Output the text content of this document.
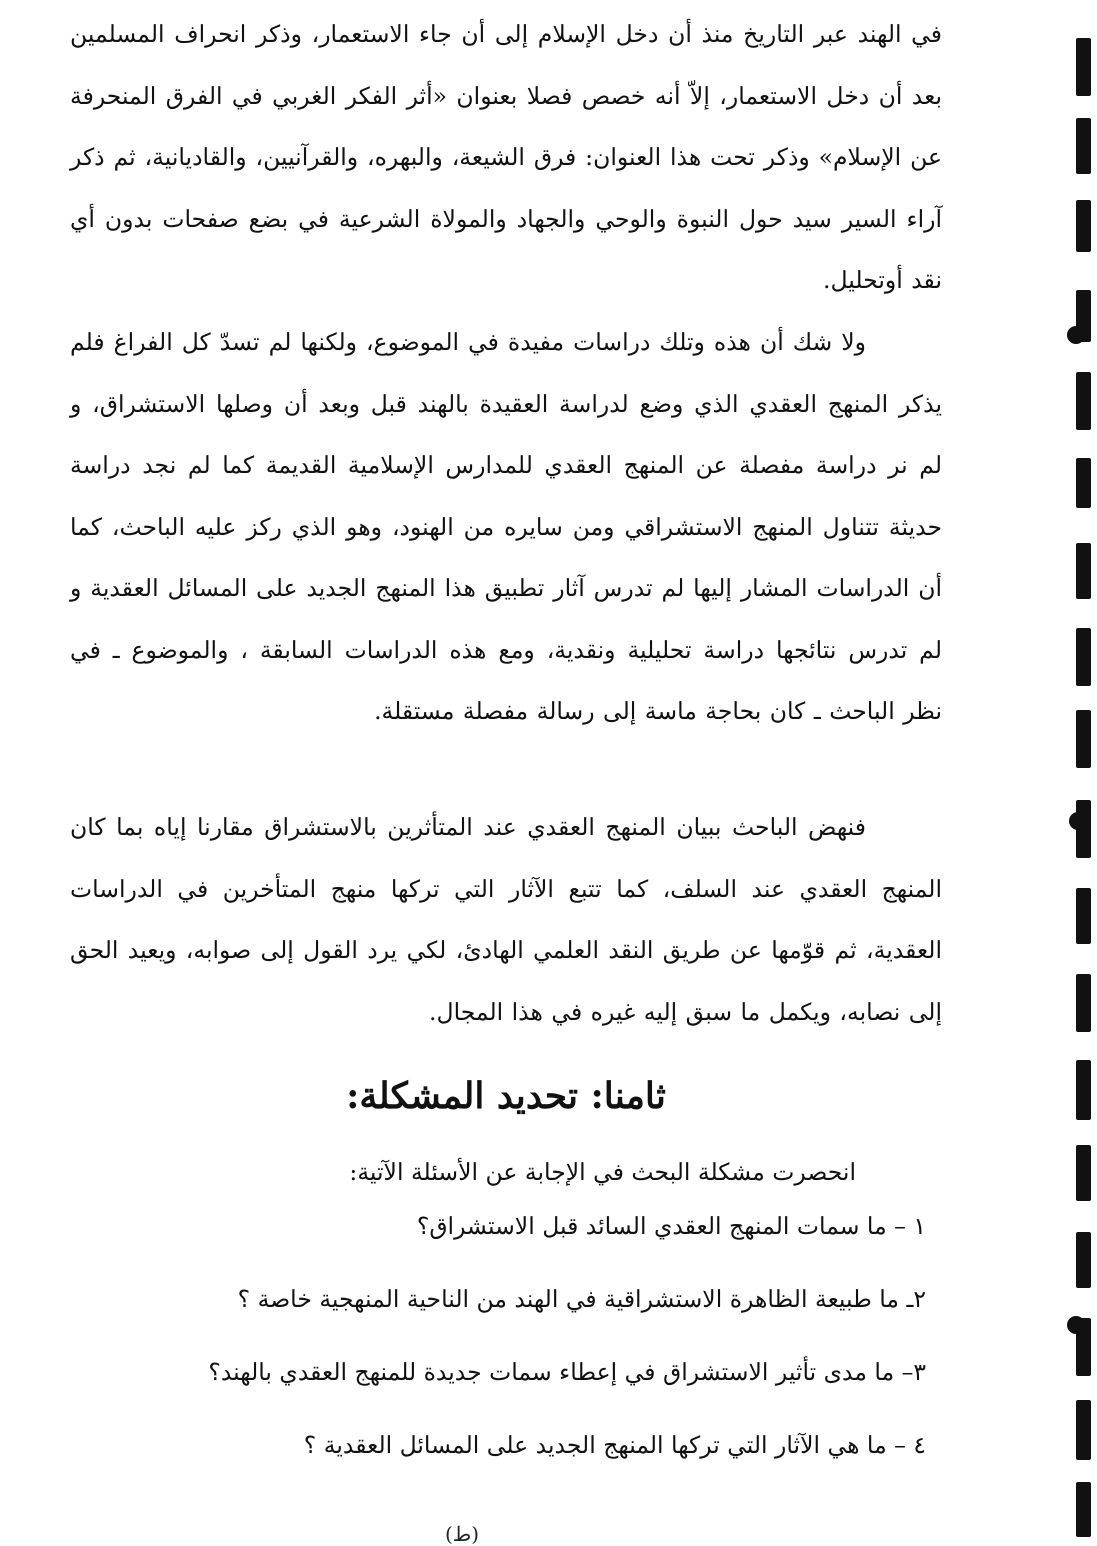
في الهند عبر التاريخ منذ أن دخل الإسلام إلى أن جاء الاستعمار، وذكر انحراف المسلمين بعد أن دخل الاستعمار، إلاّ أنه خصص فصلا بعنوان «أثر الفكر الغربي في الفرق المنحرفة عن الإسلام» وذكر تحت هذا العنوان: فرق الشيعة، والبهره، والقرآنيين، والقاديانية، ثم ذكر آراء السير سيد حول النبوة والوحي والجهاد والمولاة الشرعية في بضع صفحات بدون أي نقد أوتحليل.

ولا شك أن هذه وتلك دراسات مفيدة في الموضوع، ولكنها لم تسدّ كل الفراغ فلم يذكر المنهج العقدي الذي وضع لدراسة العقيدة بالهند قبل وبعد أن وصلها الاستشراق، و لم نر دراسة مفصلة عن المنهج العقدي للمدارس الإسلامية القديمة كما لم نجد دراسة حديثة تتناول المنهج الاستشراقي ومن سايره من الهنود، وهو الذي ركز عليه الباحث، كما أن الدراسات المشار إليها لم تدرس آثار تطبيق هذا المنهج الجديد على المسائل العقدية و لم تدرس نتائجها دراسة تحليلية ونقدية، ومع هذه الدراسات السابقة ، والموضوع ـ في نظر الباحث ـ كان بحاجة ماسة إلى رسالة مفصلة مستقلة.

فنهض الباحث ببيان المنهج العقدي عند المتأثرين بالاستشراق مقارنا إياه بما كان المنهج العقدي عند السلف، كما تتبع الآثار التي تركها منهج المتأخرين في الدراسات العقدية، ثم قوّمها عن طريق النقد العلمي الهادئ، لكي يرد القول إلى صوابه، ويعيد الحق إلى نصابه، ويكمل ما سبق إليه غيره في هذا المجال.

ثامنا: تحديد المشكلة:

انحصرت مشكلة البحث في الإجابة عن الأسئلة الآتية:

١ – ما سمات المنهج العقدي السائد قبل الاستشراق؟
٢ـ ما طبيعة الظاهرة الاستشراقية في الهند من الناحية المنهجية خاصة ؟
٣– ما مدى تأثير الاستشراق في إعطاء سمات جديدة للمنهج العقدي بالهند؟
٤ – ما هي الآثار التي تركها المنهج الجديد على المسائل العقدية ؟
(ط)
